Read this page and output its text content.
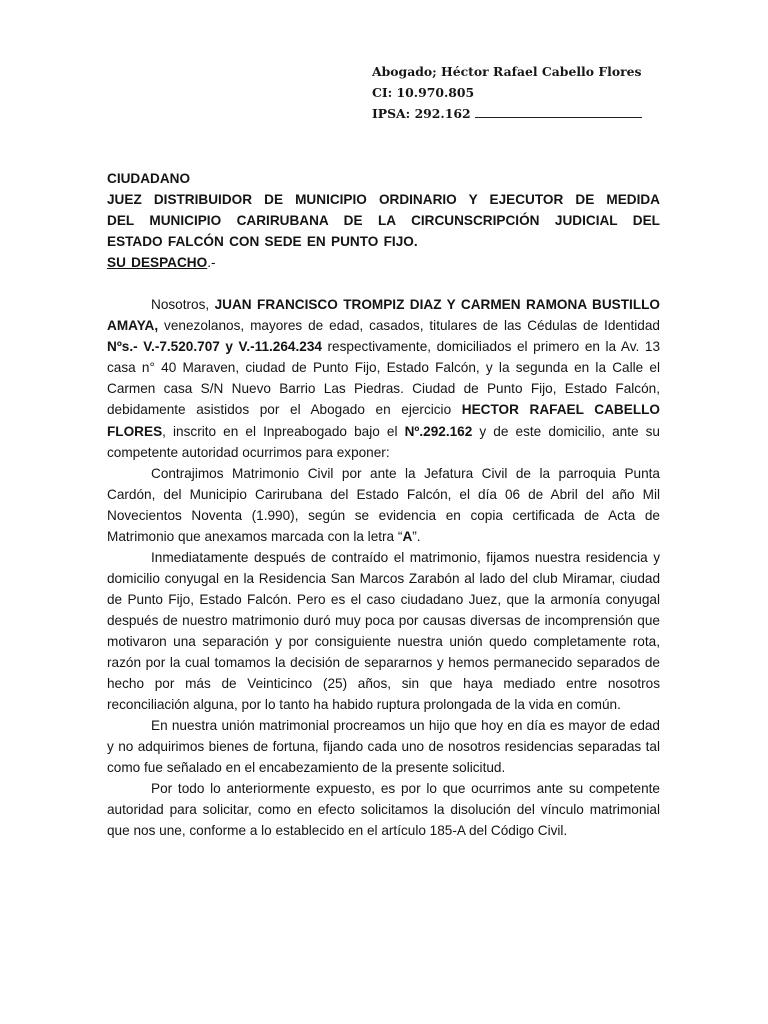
Abogado; Héctor Rafael Cabello Flores
CI: 10.970.805
IPSA: 292.162
CIUDADANO
JUEZ DISTRIBUIDOR DE MUNICIPIO ORDINARIO Y EJECUTOR DE MEDIDA
DEL MUNICIPIO CARIRUBANA DE LA CIRCUNSCRIPCIÓN JUDICIAL DEL
ESTADO FALCÓN CON SEDE EN PUNTO FIJO.
SU DESPACHO.-

Nosotros, JUAN FRANCISCO TROMPIZ DIAZ Y CARMEN RAMONA BUSTILLO AMAYA, venezolanos, mayores de edad, casados, titulares de las Cédulas de Identidad Nºs.- V.-7.520.707 y V.-11.264.234 respectivamente, domiciliados el primero en la Av. 13 casa n° 40 Maraven, ciudad de Punto Fijo, Estado Falcón, y la segunda en la Calle el Carmen casa S/N Nuevo Barrio Las Piedras. Ciudad de Punto Fijo, Estado Falcón, debidamente asistidos por el Abogado en ejercicio HECTOR RAFAEL CABELLO FLORES, inscrito en el Inpreabogado bajo el Nº.292.162 y de este domicilio, ante su competente autoridad ocurrimos para exponer:

Contrajimos Matrimonio Civil por ante la Jefatura Civil de la parroquia Punta Cardón, del Municipio Carirubana del Estado Falcón, el día 06 de Abril del año Mil Novecientos Noventa (1.990), según se evidencia en copia certificada de Acta de Matrimonio que anexamos marcada con la letra “A”.

Inmediatamente después de contraído el matrimonio, fijamos nuestra residencia y domicilio conyugal en la Residencia San Marcos Zarabón al lado del club Miramar, ciudad de Punto Fijo, Estado Falcón. Pero es el caso ciudadano Juez, que la armonía conyugal después de nuestro matrimonio duró muy poca por causas diversas de incomprensión que motivaron una separación y por consiguiente nuestra unión quedo completamente rota, razón por la cual tomamos la decisión de separarnos y hemos permanecido separados de hecho por más de Veinticinco (25) años, sin que haya mediado entre nosotros reconciliación alguna, por lo tanto ha habido ruptura prolongada de la vida en común.

En nuestra unión matrimonial procreamos un hijo que hoy en día es mayor de edad y no adquirimos bienes de fortuna, fijando cada uno de nosotros residencias separadas tal como fue señalado en el encabezamiento de la presente solicitud.

Por todo lo anteriormente expuesto, es por lo que ocurrimos ante su competente autoridad para solicitar, como en efecto solicitamos la disolución del vínculo matrimonial que nos une, conforme a lo establecido en el artículo 185-A del Código Civil.
